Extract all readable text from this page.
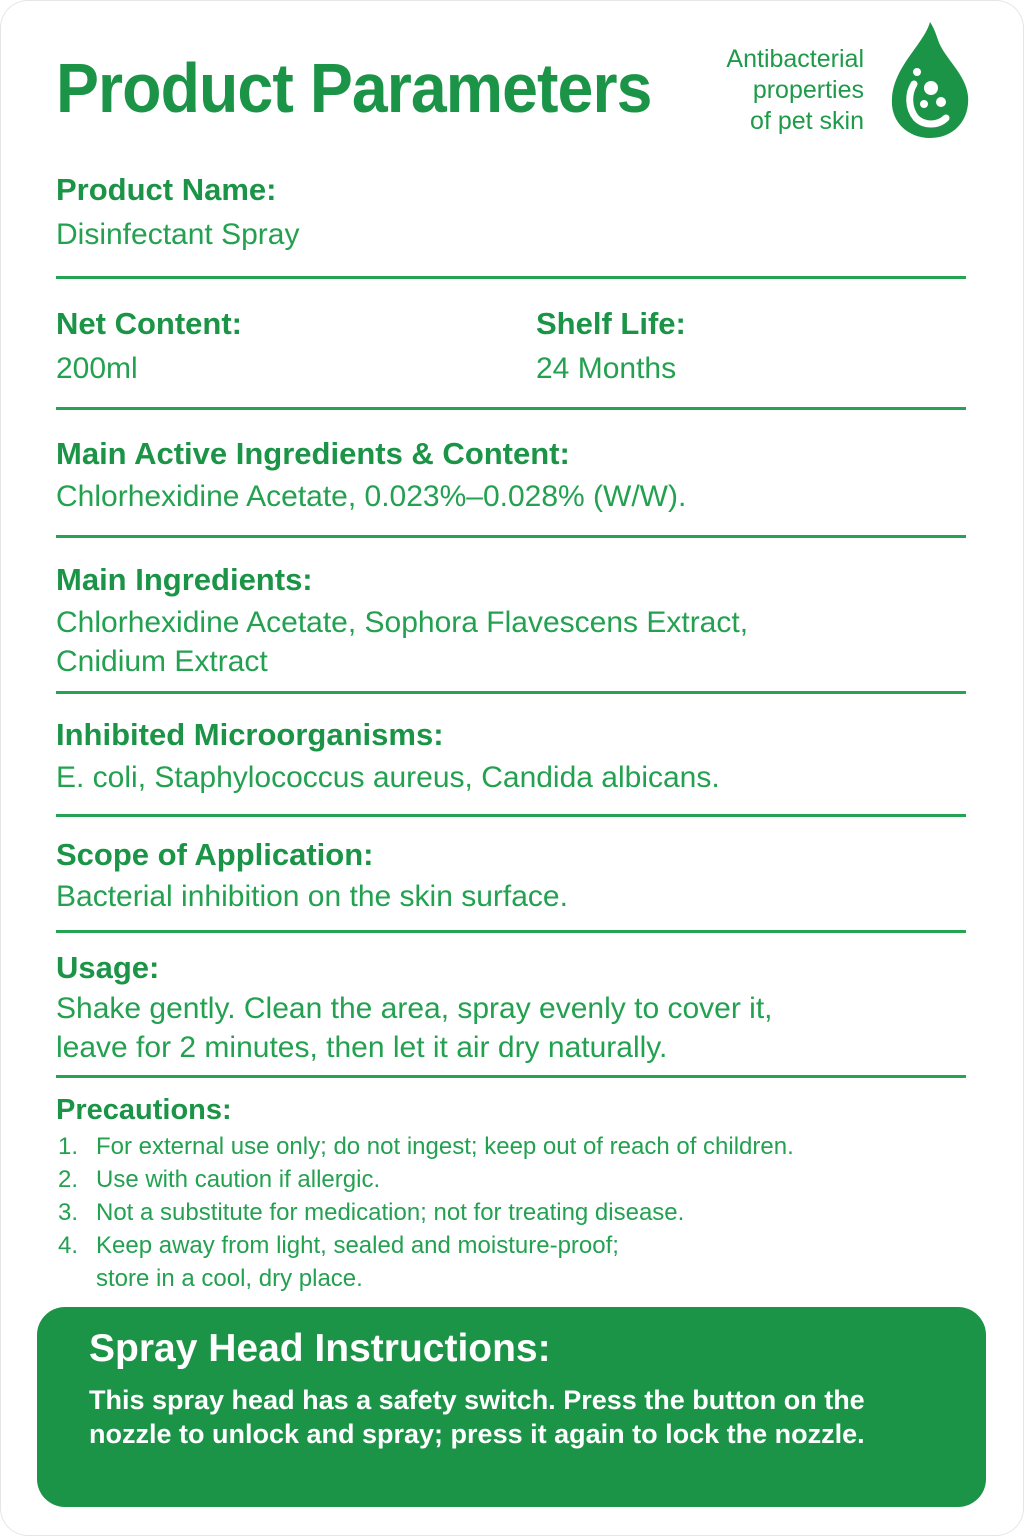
Product Parameters	Antibacterial
properties
of pet skin
Product Name:
Disinfectant Spray
Net Content:
200ml
Shelf Life:
24 Months
Main Active Ingredients & Content:
Chlorhexidine Acetate, 0.023%–0.028% (W/W).
Main Ingredients:
Chlorhexidine Acetate, Sophora Flavescens Extract,
Cnidium Extract
Inhibited Microorganisms:
E. coli, Staphylococcus aureus, Candida albicans.
Scope of Application:
Bacterial inhibition on the skin surface.
Usage:
Shake gently. Clean the area, spray evenly to cover it,
leave for 2 minutes, then let it air dry naturally.
Precautions:
1. For external use only; do not ingest; keep out of reach of children.
2. Use with caution if allergic.
3. Not a substitute for medication; not for treating disease.
4. Keep away from light, sealed and moisture-proof;
store in a cool, dry place.
Spray Head Instructions:
This spray head has a safety switch. Press the button on the nozzle to unlock and spray; press it again to lock the nozzle.
